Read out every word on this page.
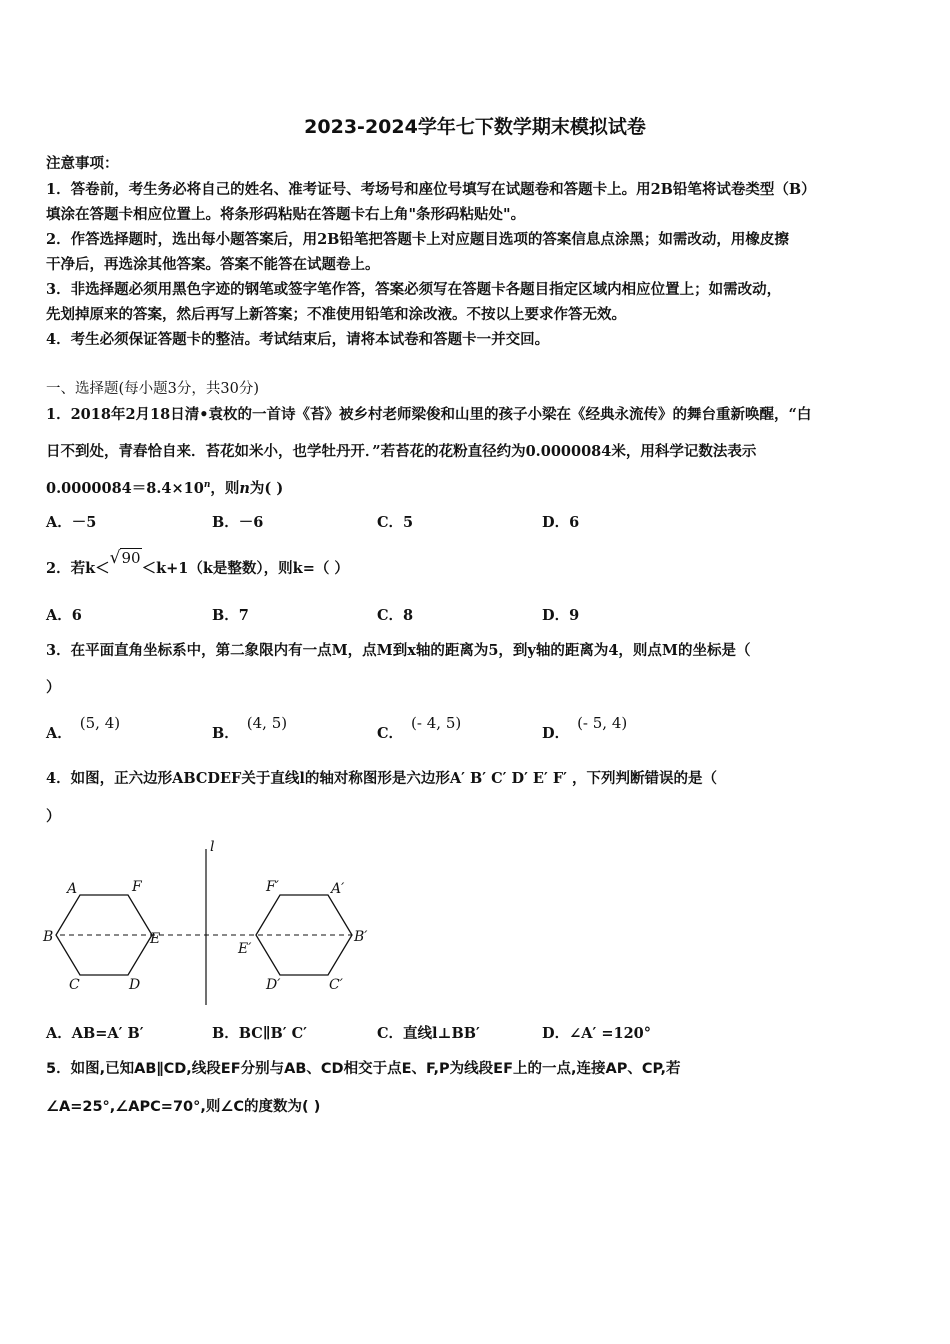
2023-2024学年七下数学期末模拟试卷
注意事项：
1．答卷前，考生务必将自己的姓名、准考证号、考场号和座位号填写在试题卷和答题卡上。用2B铅笔将试卷类型（B）
填涂在答题卡相应位置上。将条形码粘贴在答题卡右上角"条形码粘贴处"。
2．作答选择题时，选出每小题答案后，用2B铅笔把答题卡上对应题目选项的答案信息点涂黑；如需改动，用橡皮擦
干净后，再选涂其他答案。答案不能答在试题卷上。
3．非选择题必须用黑色字迹的钢笔或签字笔作答，答案必须写在答题卡各题目指定区域内相应位置上；如需改动，
先划掉原来的答案，然后再写上新答案；不准使用铅笔和涂改液。不按以上要求作答无效。
4．考生必须保证答题卡的整洁。考试结束后，请将本试卷和答题卡一并交回。
一、选择题(每小题3分，共30分)
1．2018年2月18日清•袁枚的一首诗《苔》被乡村老师梁俊和山里的孩子小梁在《经典永流传》的舞台重新唤醒，“白
日不到处，青春恰自来．苔花如米小，也学牡丹开．”若苔花的花粉直径约为0.0000084米，用科学记数法表示
$0.0000084=8.4\times 10^n$，则n为( )
A．－5	B．－6	C．5	D．6
2．若k＜√90＜k+1（k是整数），则k=（ ）
A．6	B．7	C．8	D．9
3．在平面直角坐标系中，第二象限内有一点M，点M到x轴的距离为5，到y轴的距离为4，则点M的坐标是（
）
A．(5, 4)
B．(4, 5)
C．(- 4, 5)
D．(- 5, 4)
4．如图，正六边形ABCDEF关于直线l的轴对称图形是六边形A′ B′ C′ D′ E′ F′ ，下列判断错误的是（
）
l
A	F
B	E
C	D
F′	A′
E′
B′
D′	C′
A．AB=A′ B′	B．BC∥B′ C′	C．直线l⊥BB′	D．∠A′ =120°
5．如图,已知AB∥CD,线段EF分别与AB、CD相交于点E、F,P为线段EF上的一点,连接AP、CP,若
∠A=25°,∠APC=70°,则∠C的度数为( )
